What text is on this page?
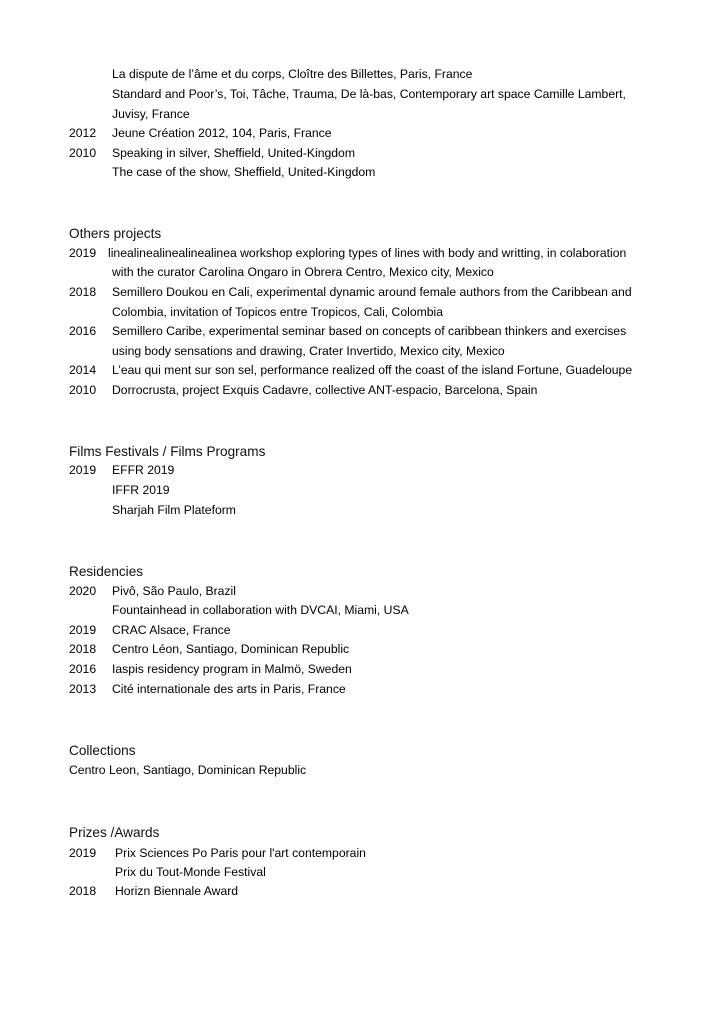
La dispute de l’âme et du corps, Cloître des Billettes, Paris, France
Standard and Poor’s, Toi, Tâche, Trauma, De là-bas, Contemporary art space Camille Lambert,
Juvisy, France
2012 Jeune Création 2012, 104, Paris, France
2010 Speaking in silver, Sheffield, United-Kingdom
The case of the show, Sheffield, United-Kingdom
Others projects
2019 linealinealinealinealinea workshop exploring types of lines with body and writting, in colaboration
with the curator Carolina Ongaro in Obrera Centro, Mexico city, Mexico
2018 Semillero Doukou en Cali, experimental dynamic around female authors from the Caribbean and
Colombia, invitation of Topicos entre Tropicos, Cali, Colombia
2016 Semillero Caribe, experimental seminar based on concepts of caribbean thinkers and exercises
using body sensations and drawing, Crater Invertido, Mexico city, Mexico
2014 L’eau qui ment sur son sel, performance realized off the coast of the island Fortune, Guadeloupe
2010 Dorrocrusta, project Exquis Cadavre, collective ANT-espacio, Barcelona, Spain
Films Festivals / Films Programs
2019 EFFR 2019
IFFR 2019
Sharjah Film Plateform
Residencies
2020 Pivô, São Paulo, Brazil
Fountainhead in collaboration with DVCAI, Miami, USA
2019 CRAC Alsace, France
2018 Centro Léon, Santiago, Dominican Republic
2016 Iaspis residency program in Malmö, Sweden
2013 Cité internationale des arts in Paris, France
Collections
Centro Leon, Santiago, Dominican Republic
Prizes /Awards
2019 Prix Sciences Po Paris pour l'art contemporain
Prix du Tout-Monde Festival
2018 Horizn Biennale Award
